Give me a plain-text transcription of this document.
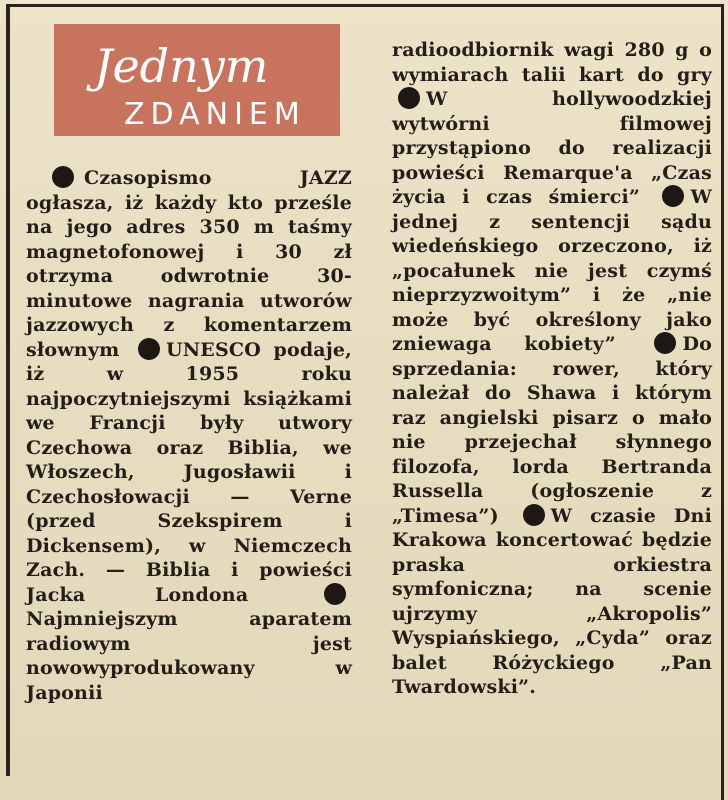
Jednym
ZDANIEM
Czasopismo JAZZ ogłasza, iż każdy kto prześle na jego adres 350 m taśmy magnetofonowej i 30 zł otrzyma odwrotnie 30-minutowe nagrania utworów jazzowych z komentarzem słownym UNESCO podaje, iż w 1955 roku najpoczytniejszymi książkami we Francji były utwory Czechowa oraz Biblia, we Włoszech, Jugosławii i Czechosłowacji — Verne (przed Szekspirem i Dickensem), w Niemczech Zach. — Biblia i powieści Jacka Londona Najmniejszym aparatem radiowym jest nowowyprodukowany w Japonii
radioodbiornik wagi 280 g o wymiarach talii kart do gry W hollywoodzkiej wytwórni filmowej przystąpiono do realizacji powieści Remarque'a „Czas życia i czas śmierci”	W jednej z sentencji sądu wiedeńskiego orzeczono, iż „pocałunek nie jest czymś nieprzyzwoitym” i że „nie może być określony jako zniewaga kobiety”	Do sprzedania: rower, który należał do Shawa i którym raz angielski pisarz o mało nie przejechał słynnego filozofa, lorda Bertranda Russella (ogłoszenie z „Timesa”)	W czasie Dni Krakowa koncertować będzie praska orkiestra symfoniczna; na scenie ujrzymy „Akropolis” Wyspiańskiego, „Cyda” oraz balet Różyckiego „Pan Twardowski”.
